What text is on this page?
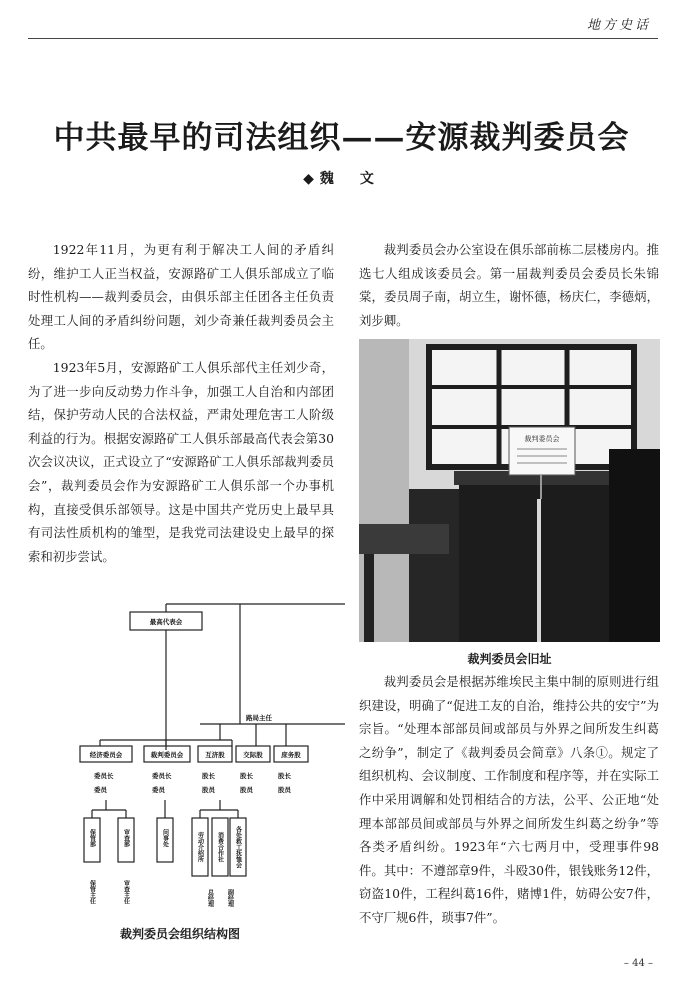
地方史话
中共最早的司法组织——安源裁判委员会
◆魏　文

1922年11月，为更有利于解决工人间的矛盾纠纷，维护工人正当权益，安源路矿工人俱乐部成立了临时性机构——裁判委员会，由俱乐部主任团各主任负责处理工人间的矛盾纠纷问题，刘少奇兼任裁判委员会主任。

1923年5月，安源路矿工人俱乐部代主任刘少奇，为了进一步向反动势力作斗争，加强工人自治和内部团结，保护劳动人民的合法权益，严肃处理危害工人阶级利益的行为。根据安源路矿工人俱乐部最高代表会第30次会议决议，正式设立了“安源路矿工人俱乐部裁判委员会”，裁判委员会作为安源路矿工人俱乐部一个办事机构，直接受俱乐部领导。这是中国共产党历史上最早具有司法性质机构的雏型，是我党司法建设史上最早的探索和初步尝试。

裁判委员会办公室设在俱乐部前栋二层楼房内。推选七人组成该委员会。第一届裁判委员会委员长朱锦棠，委员周子南，胡立生，谢怀德，杨庆仁，李德炳，刘步卿。

裁判委员会
裁判委员会旧址

裁判委员会是根据苏维埃民主集中制的原则进行组织建设，明确了“促进工友的自治，维持公共的安宁”为宗旨。“处理本部部员间或部员与外界之间所发生纠葛之纷争”，制定了《裁判委员会简章》八条①。规定了组织机构、会议制度、工作制度和程序等，并在实际工作中采用调解和处罚相结合的方法，公平、公正地“处理本部部员间或部员与外界之间所发生纠葛之纷争”等各类矛盾纠纷。1923年“六七两月中，受理事件98件。其中：不遵部章9件，斗殴30件，银钱账务12件，窃盗10件，工程纠葛16件，赌博1件，妨碍公安7件，不守厂规6件，琐事7件”。

最高代表会
路局主任
经济委员会	裁判委员会	互济股	交际股	庶务股
委员长
委员
委员长
委员
股长
股员
股长
股员
股长
股员
保管部	审查部	问事处	劳动介绍所 消费合作社 各处救工抚恤会
保管主任	审查主任	总经理 副经理
裁判委员会组织结构图
– 44 –
